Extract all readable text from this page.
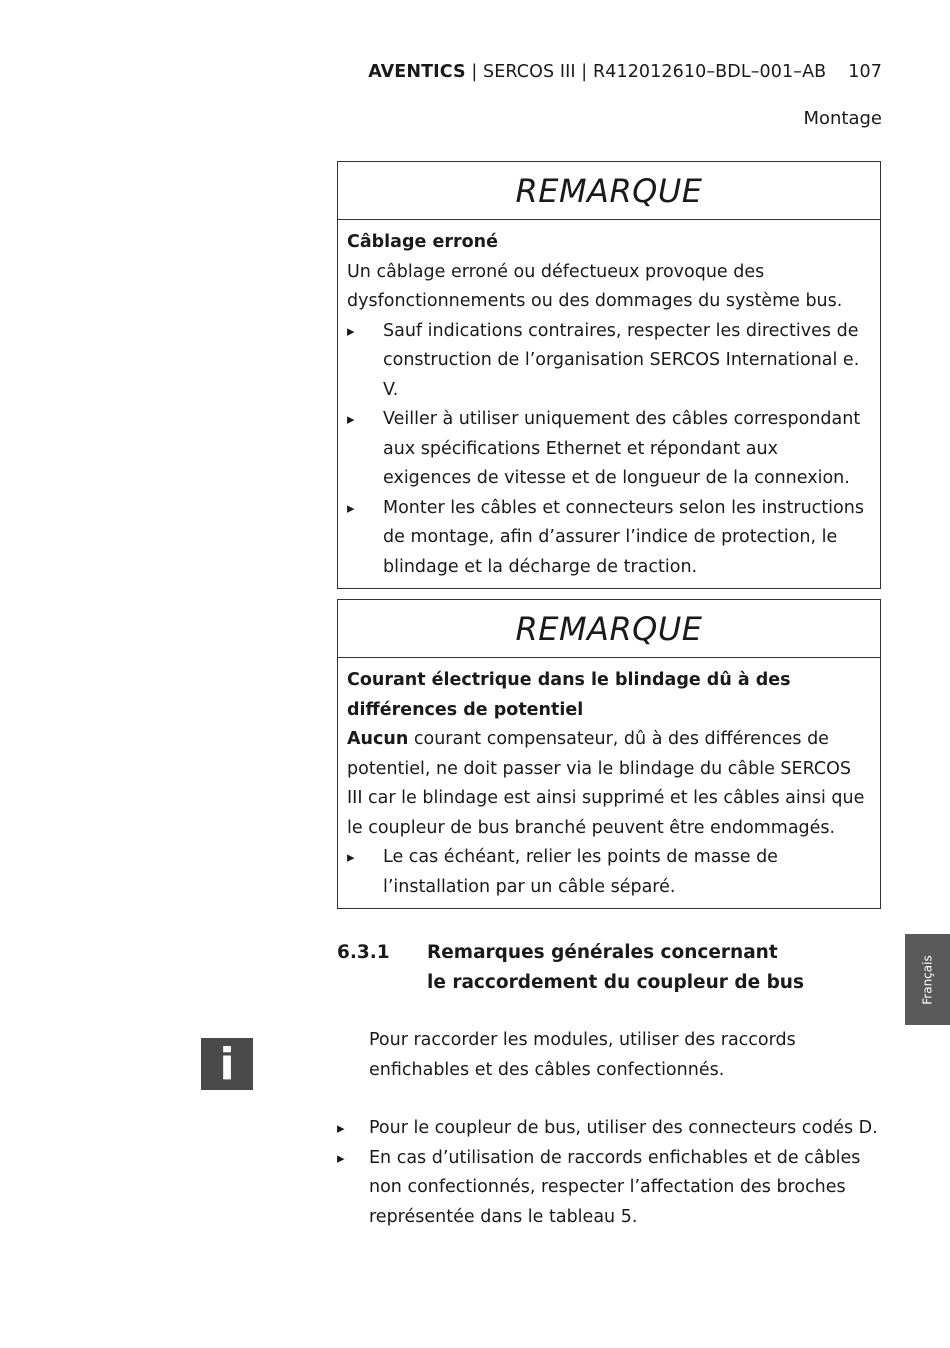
AVENTICS | SERCOS III | R412012610–BDL–001–AB 107
Montage
REMARQUE
Câblage erroné
Un câblage erroné ou défectueux provoque des dysfonctionnements ou des dommages du système bus.
▸ Sauf indications contraires, respecter les directives de construction de l’organisation SERCOS International e. V.
▸ Veiller à utiliser uniquement des câbles correspondant aux spécifications Ethernet et répondant aux exigences de vitesse et de longueur de la connexion.
▸ Monter les câbles et connecteurs selon les instructions de montage, afin d’assurer l’indice de protection, le blindage et la décharge de traction.
REMARQUE
Courant électrique dans le blindage dû à des différences de potentiel
Aucun courant compensateur, dû à des différences de potentiel, ne doit passer via le blindage du câble SERCOS III car le blindage est ainsi supprimé et les câbles ainsi que le coupleur de bus branché peuvent être endommagés.
▸ Le cas échéant, relier les points de masse de l’installation par un câble séparé.
6.3.1	Remarques générales concernant
le raccordement du coupleur de bus
i	Pour raccorder les modules, utiliser des raccords enfichables et des câbles confectionnés.
▸ Pour le coupleur de bus, utiliser des connecteurs codés D.
▸ En cas d’utilisation de raccords enfichables et de câbles non confectionnés, respecter l’affectation des broches représentée dans le tableau 5.
Français
